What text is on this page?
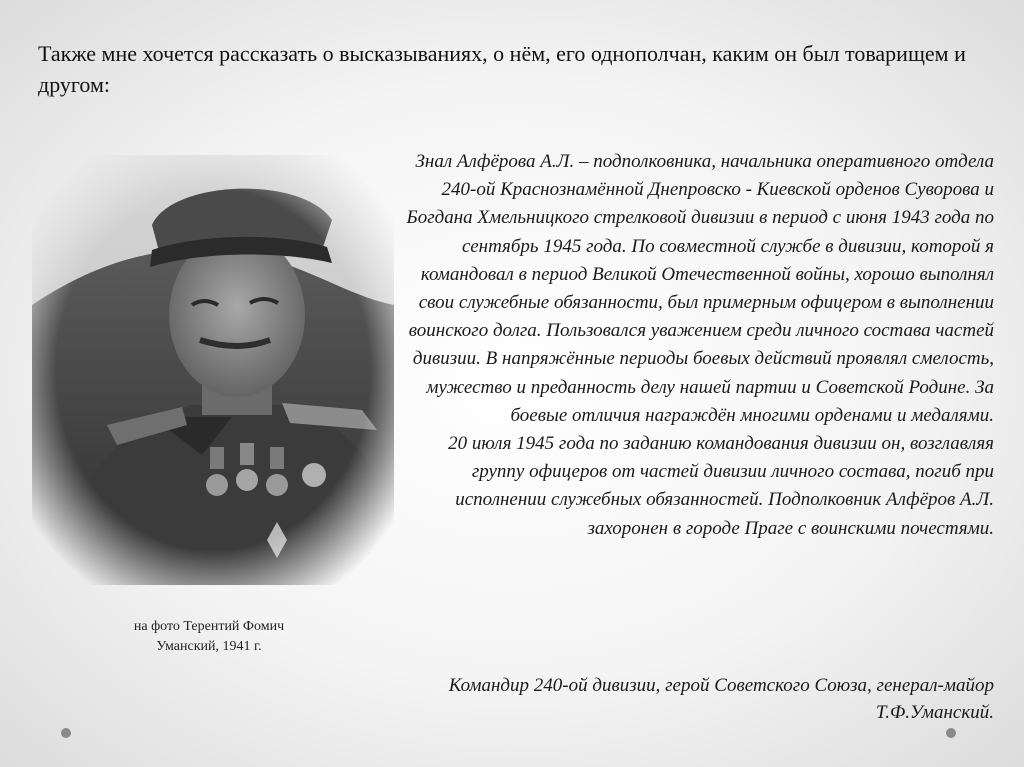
Также мне хочется рассказать о высказываниях, о нём, его однополчан, каким он был товарищем и другом:
на фото Терентий Фомич
Уманский, 1941 г.

Знал Алфёрова А.Л. – подполковника, начальника оперативного отдела 240-ой Краснознамённой Днепровско - Киевской орденов Суворова и Богдана Хмельницкого стрелковой дивизии в период с июня 1943 года по сентябрь 1945 года. По совместной службе в дивизии, которой я командовал в период Великой Отечественной войны, хорошо выполнял свои служебные обязанности, был примерным офицером в выполнении воинского долга. Пользовался уважением среди личного состава частей дивизии. В напряжённые периоды боевых действий проявлял смелость, мужество и преданность делу нашей партии и Советской Родине. За боевые отличия награждён многими орденами и медалями.

20 июля 1945 года по заданию командования дивизии он, возглавляя группу офицеров от частей дивизии личного состава, погиб при исполнении служебных обязанностей. Подполковник Алфёров А.Л. захоронен в городе Праге с воинскими почестями.

Командир 240-ой дивизии, герой Советского Союза, генерал-майор Т.Ф.Уманский.
